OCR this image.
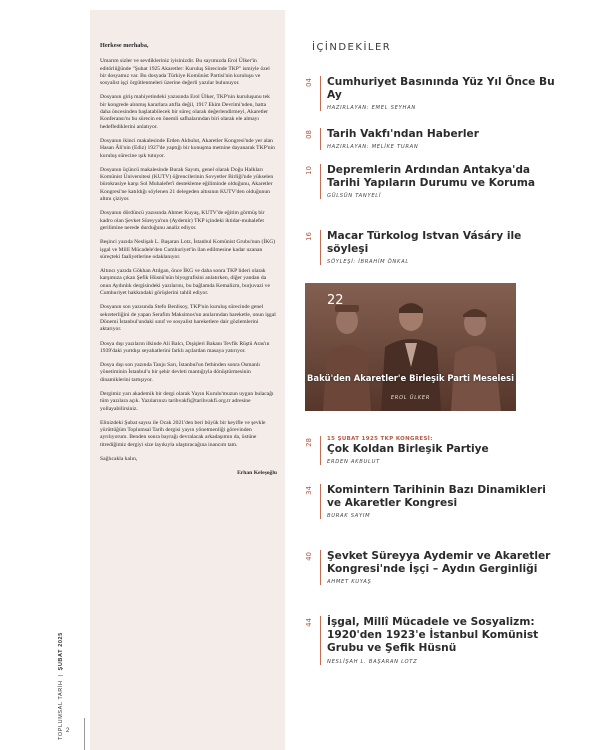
Herkese merhaba,

Umarım sizler ve sevdikleriniz iyisinizdir. Bu sayımızda Erol Ülker'in editörlüğünde "Şubat 1925 Akaretler: Kuruluş Sürecinde TKP" ismiyle özel bir dosyamız var. Bu dosyada Türkiye Komünist Partisi'nin kuruluşu ve sosyalist işçi örgütlenmeleri üzerine değerli yazılar bulunuyor.

Dosyanın giriş mahiyetindeki yazısında Erol Ülker, TKP'nin kuruluşunu tek bir kongrede alınmış kararlara atıfla değil, 1917 Ekim Devrimi'nden, hatta daha öncesinden başlatabilecek bir süreç olarak değerlendirmeyi, Akaretler Konferansı'nı bu sürecin en önemli safhalarından biri olarak ele almayı hedeflediklerini anlatıyor.

Dosyanın ikinci makalesinde Erden Akbulut, Akaretler Kongresi'nde yer alan Hasan Âli'nin (Ediz) 1927'de yaptığı bir konuşma metnine dayanarak TKP'nin kuruluş sürecine ışık tutuyor.

Dosyanın üçüncü makalesinde Burak Sayım, genel olarak Doğu Halkları Komünist Üniversitesi (KUTV) öğrencilerinin Sovyetler Birliği'nde yükselen bürokrasiye karşı Sol Muhalefet'i destekleme eğiliminde olduğunu, Akaretler Kongresi'ne katıldığı söylenen 21 delegeden altısının KUTV'den olduğunun altını çiziyor.

Dosyanın dördüncü yazısında Ahmet Kuyaş, KUTV'de eğitim görmüş bir kadro olan Şevket Süreyya'nın (Aydemir) TKP içindeki iktidar-muhalefet gerilimine nerede durduğunu analiz ediyor.

Beşinci yazıda Neslişah L. Başaran Lotz, İstanbul Komünist Grubu'nun (İKG) işgal ve Millî Mücadele'den Cumhuriyet'in ilan edilmesine kadar uzanan süreçteki faaliyetlerine odaklanıyor.

Altıncı yazıda Gökhan Atılgan, önce İKG ve daha sonra TKP lideri olarak karşımıza çıkan Şefik Hüsnü'nün biyografisini anlatırken, diğer yandan da onun Aydınlık dergisindeki yazılarını, bu bağlamda Kemalizm, burjuvazi ve Cumhuriyet hakkındaki görüşlerini tahlil ediyor.

Dosyanın son yazısında Stefo Benlisoy, TKP'nin kuruluş sürecinde genel sekreterliğini de yapan Serafim Maksimos'un anılarından hareketle, onun işgal Dönemi İstanbul'undaki sınıf ve sosyalist hareketlere dair gözlemlerini aktarıyor.

Dosya dışı yazıların ilkinde Ali Balcı, Dışişleri Bakanı Tevfik Rüştü Aras'ın 1939'daki yurtdışı seyahatlerini farklı açılardan masaya yatırıyor.

Dosya dışı son yazında Tanju Sarı, İstanbul'un fethinden sonra Osmanlı yönetiminin İstanbul'u bir şehir devleti mantığıyla dönüştürmesinin dinamiklerini tartışıyor.

Dergimiz yarı akademik bir dergi olarak Yayın Kurulu'muzun uygun bulacağı tüm yazılara açık. Yazılarınızı tarihvakfi@tarihvakfi.org.tr adresine yollayabilirsiniz.

Elinizdeki Şubat sayısı ile Ocak 2021'den beri büyük bir keyifle ve şevkle yürüttüğüm Toplumsal Tarih dergisi yayın yönetmenliği görevinden ayrılıyorum. Benden sonra bayrağı devralacak arkadaşımın da, üstüne titrediğimiz dergiyi size layıkıyla ulaştıracağına inancım tam.

Sağlıcakla kalın,

Erhan Keleşoğlu

TOPLUMSAL TARİH|ŞUBAT 2025
2
İÇİNDEKİLER
04 Cumhuriyet Basınında Yüz Yıl Önce Bu Ay
HAZIRLAYAN: EMEL SEYHAN
08 Tarih Vakfı'ndan Haberler
HAZIRLAYAN: MELİKE TURAN
10 Depremlerin Ardından Antakya'da Tarihi Yapıların Durumu ve Koruma
GÜLSÜN TANYELİ
16 Macar Türkolog Istvan Vásáry ile söyleşi
SÖYLEŞİ: İBRAHİM ÖNKAL
22
Bakü'den Akaretler'e Birleşik Parti Meselesi
EROL ÜLKER
28	15 ŞUBAT 1925 TKP KONGRESİ:
Çok Koldan Birleşik Partiye
ERDEN AKBULUT
34 Komintern Tarihinin Bazı Dinamikleri ve Akaretler Kongresi
BURAK SAYIM
40 Şevket Süreyya Aydemir ve Akaretler Kongresi'nde İşçi – Aydın Gerginliği
AHMET KUYAŞ
44 İşgal, Millî Mücadele ve Sosyalizm: 1920'den 1923'e İstanbul Komünist Grubu ve Şefik Hüsnü
NESLİŞAH L. BAŞARAN LOTZ
